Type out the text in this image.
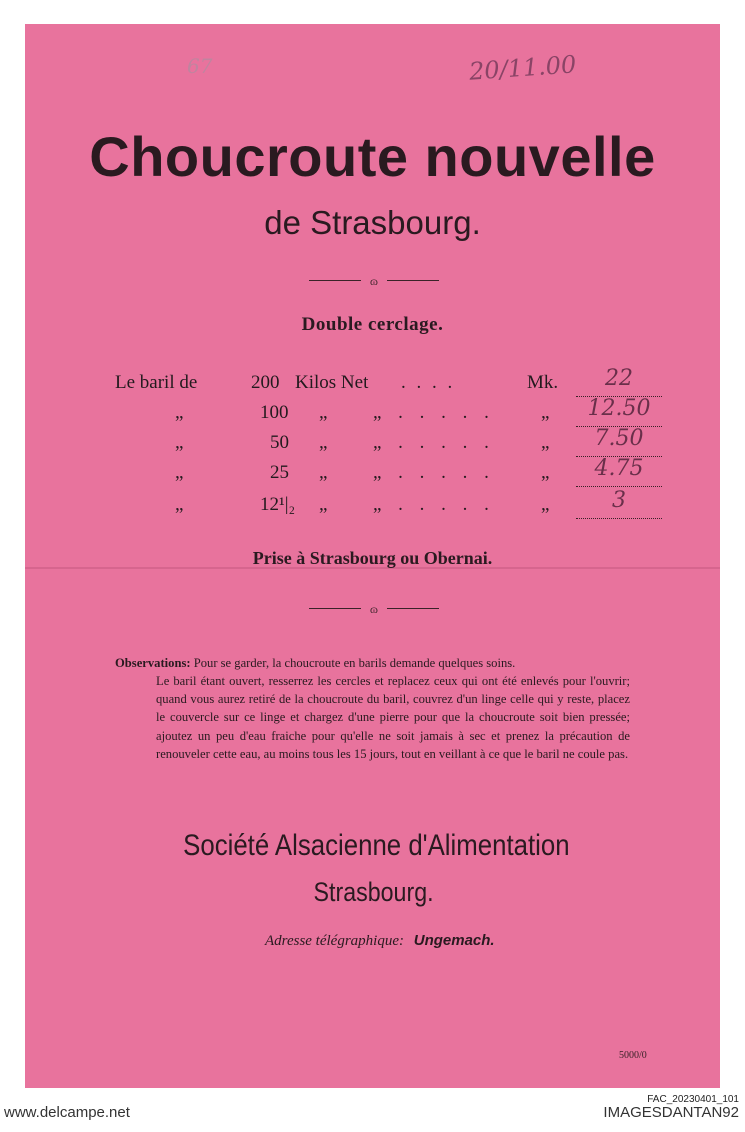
67	20/11.00
Choucroute nouvelle
de Strasbourg.
ɷ
Double cerclage.
Le baril de	200 Kilos Net . . . .	Mk.	22
„	100 „ „ . . . . . „	12.50
„	50 „ „ . . . . . „	7.50
„	25 „ „ . . . . . „	4.75
„	12¹|₂ „ „ . . . . . „	3
Prise à Strasbourg ou Obernai.
ɷ
Observations: Pour se garder, la choucroute en barils demande quelques soins.
Le baril étant ouvert, resserrez les cercles et replacez ceux qui ont été enlevés pour l'ouvrir; quand vous aurez retiré de la choucroute du baril, couvrez d'un linge celle qui y reste, placez le couvercle sur ce linge et chargez d'une pierre pour que la choucroute soit bien pressée; ajoutez un peu d'eau fraiche pour qu'elle ne soit jamais à sec et prenez la précaution de renouveler cette eau, au moins tous les 15 jours, tout en veillant à ce que le baril ne coule pas.
Société Alsacienne d'Alimentation
Strasbourg.
Adresse télégraphique: Ungemach.
5000/0
FAC_20230401_101
www.delcampe.net	IMAGESDANTAN92
